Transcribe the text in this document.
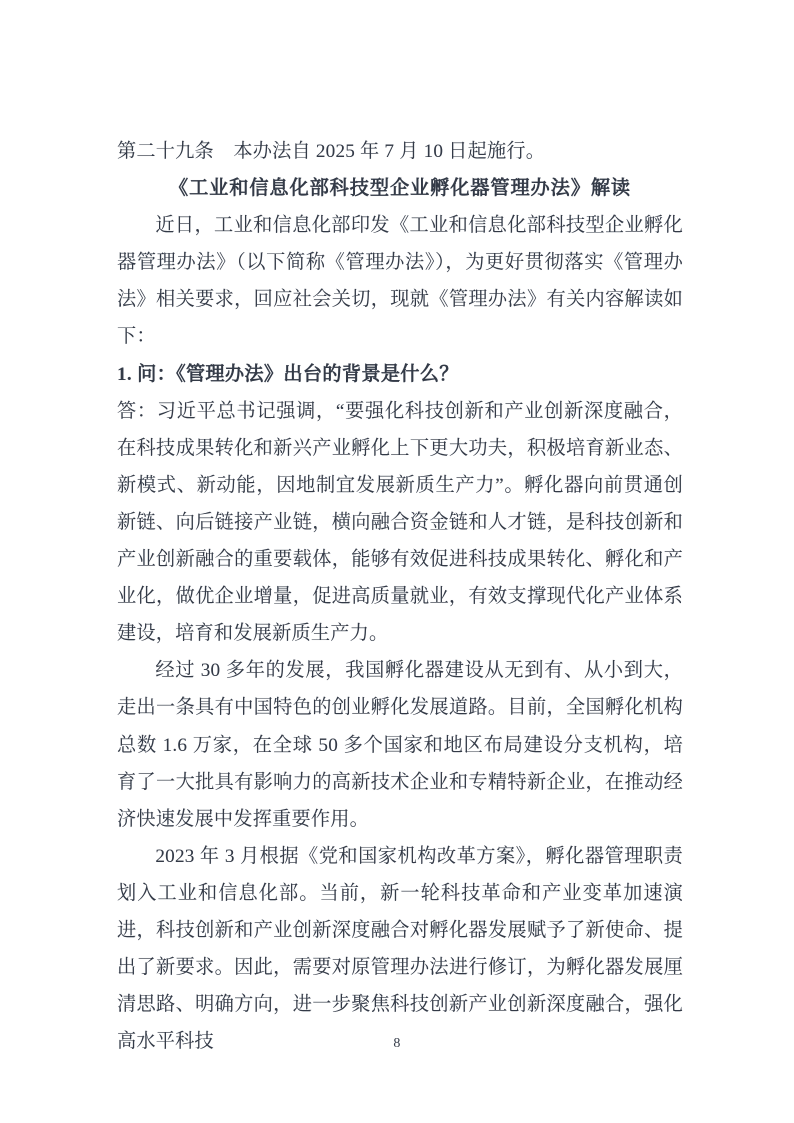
第二十九条　本办法自 2025 年 7 月 10 日起施行。

《工业和信息化部科技型企业孵化器管理办法》解读

近日，工业和信息化部印发《工业和信息化部科技型企业孵化器管理办法》（以下简称《管理办法》），为更好贯彻落实《管理办法》相关要求，回应社会关切，现就《管理办法》有关内容解读如下：

1. 问：《管理办法》出台的背景是什么？

答：习近平总书记强调，“要强化科技创新和产业创新深度融合，在科技成果转化和新兴产业孵化上下更大功夫，积极培育新业态、新模式、新动能，因地制宜发展新质生产力”。孵化器向前贯通创新链、向后链接产业链，横向融合资金链和人才链，是科技创新和产业创新融合的重要载体，能够有效促进科技成果转化、孵化和产业化，做优企业增量，促进高质量就业，有效支撑现代化产业体系建设，培育和发展新质生产力。

经过 30 多年的发展，我国孵化器建设从无到有、从小到大，走出一条具有中国特色的创业孵化发展道路。目前，全国孵化机构总数 1.6 万家，在全球 50 多个国家和地区布局建设分支机构，培育了一大批具有影响力的高新技术企业和专精特新企业，在推动经济快速发展中发挥重要作用。

2023 年 3 月根据《党和国家机构改革方案》，孵化器管理职责划入工业和信息化部。当前，新一轮科技革命和产业变革加速演进，科技创新和产业创新深度融合对孵化器发展赋予了新使命、提出了新要求。因此，需要对原管理办法进行修订，为孵化器发展厘清思路、明确方向，进一步聚焦科技创新产业创新深度融合，强化高水平科技	8
